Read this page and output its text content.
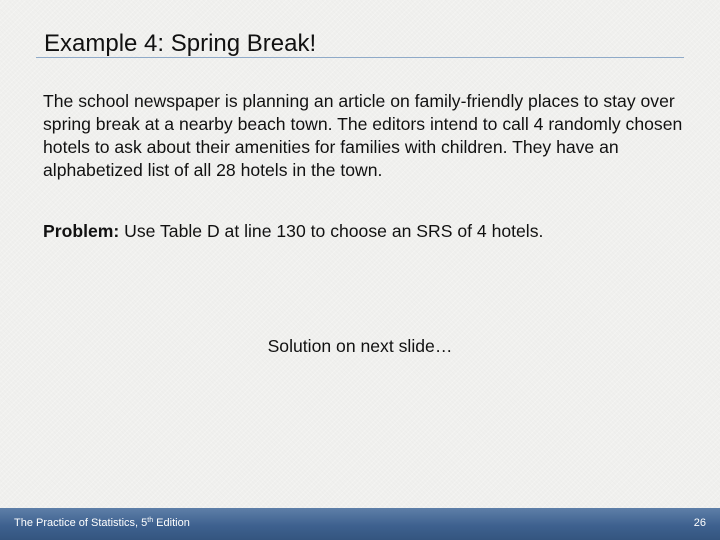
Example 4: Spring Break!

The school newspaper is planning an article on family-friendly places to stay over spring break at a nearby beach town. The editors intend to call 4 randomly chosen hotels to ask about their amenities for families with children. They have an alphabetized list of all 28 hotels in the town.

Problem: Use Table D at line 130 to choose an SRS of 4 hotels.

Solution on next slide…
The Practice of Statistics, 5th Edition	26
